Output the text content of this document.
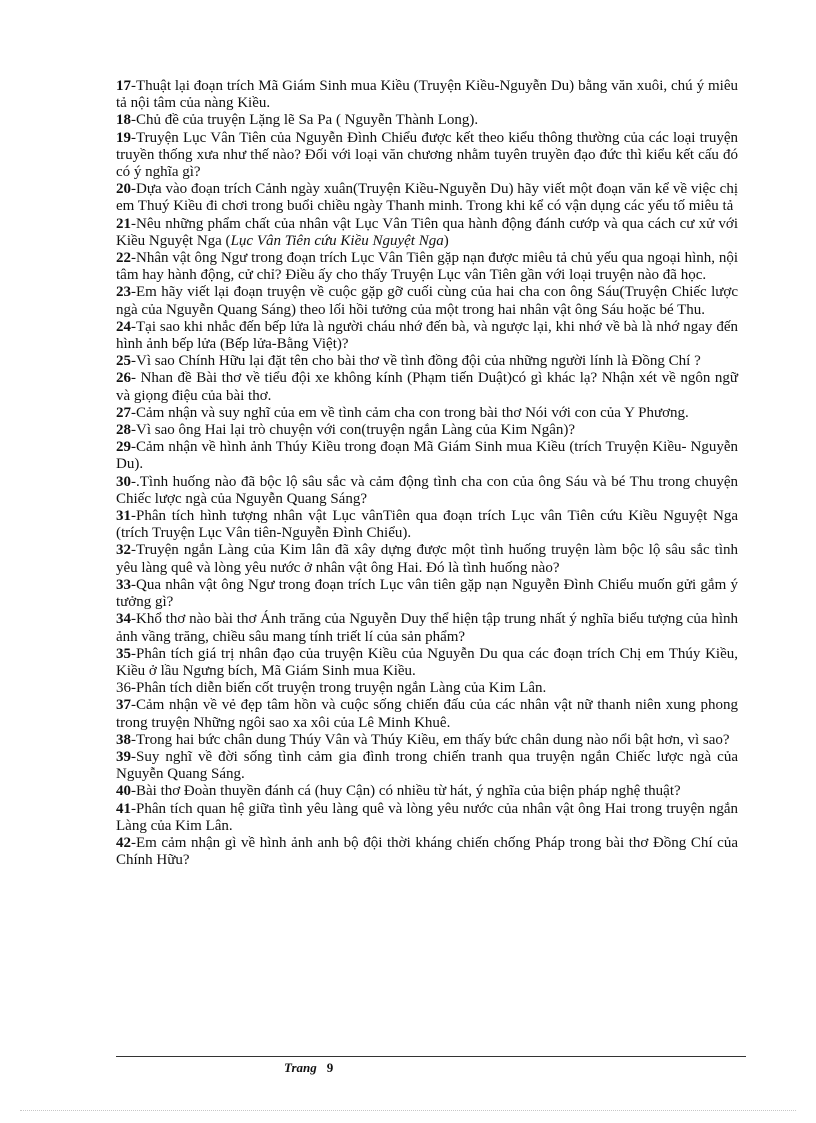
17-Thuật lại đoạn trích Mã Giám Sinh mua Kiều (Truyện Kiều-Nguyễn Du) bằng văn xuôi, chú ý miêu tả nội tâm của nàng Kiều.

18-Chủ đề của truyện Lặng lẽ Sa Pa ( Nguyễn Thành Long).

19-Truyện Lục Vân Tiên của Nguyễn Đình Chiểu được kết theo kiểu thông thường của các loại truyện truyền thống xưa như thế nào? Đối với loại văn chương nhằm tuyên truyền đạo đức thì kiểu kết cấu đó có ý nghĩa gì?

20-Dựa vào đoạn trích Cảnh ngày xuân(Truyện Kiều-Nguyễn Du) hãy viết một đoạn văn kể về việc chị em Thuý Kiều đi chơi trong buổi chiều ngày Thanh minh. Trong khi kể có vận dụng các yếu tố miêu tả

21-Nêu những phẩm chất của nhân vật Lục Vân Tiên qua hành động đánh cướp và qua cách cư xử với Kiều Nguyệt Nga (Lục Vân Tiên cứu Kiều Nguyệt Nga)

22-Nhân vật ông Ngư trong đoạn trích Lục Vân Tiên gặp nạn được miêu tả chủ yếu qua ngoại hình, nội tâm hay hành động, cử chỉ? Điều ấy cho thấy Truyện Lục vân Tiên gần với loại truyện nào đã học.

23-Em hãy viết lại đoạn truyện về cuộc gặp gỡ cuối cùng của hai cha con ông Sáu(Truyện Chiếc lược ngà của Nguyễn Quang Sáng) theo lối hồi tưởng của một trong hai nhân vật ông Sáu hoặc bé Thu.

24-Tại sao khi nhắc đến bếp lửa là người cháu nhớ đến bà, và ngược lại, khi nhớ về bà là nhớ ngay đến hình ảnh bếp lửa (Bếp lửa-Bằng Việt)?

25-Vì sao Chính Hữu lại đặt tên cho bài thơ về tình đồng đội của những người lính là Đồng Chí ?

26- Nhan đề Bài thơ về tiểu đội xe không kính (Phạm tiến Duật)có gì khác lạ? Nhận xét về ngôn ngữ và giọng điệu của bài thơ.

27-Cảm nhận và suy nghĩ của em về tình cảm cha con trong bài thơ Nói với con của Y Phương.

28-Vì sao ông Hai lại trò chuyện với con(truyện ngắn Làng của Kim Ngân)?

29-Cảm nhận về hình ảnh Thúy Kiều trong đoạn Mã Giám Sinh mua Kiều (trích Truyện Kiều- Nguyễn Du).

30-.Tình huống nào đã bộc lộ sâu sắc và cảm động tình cha con của ông Sáu và bé Thu trong chuyện Chiếc lược ngà của Nguyễn Quang Sáng?

31-Phân tích hình tượng nhân vật Lục vânTiên qua đoạn trích Lục vân Tiên cứu Kiều Nguyệt Nga (trích Truyện Lục Vân tiên-Nguyễn Đình Chiểu).

32-Truyện ngắn Làng của Kim lân đã xây dựng được một tình huống truyện làm bộc lộ sâu sắc tình yêu làng quê và lòng yêu nước ở nhân vật ông Hai. Đó là tình huống nào?

33-Qua nhân vật ông Ngư trong đoạn trích Lục vân tiên gặp nạn Nguyễn Đình Chiểu muốn gửi gắm ý tưởng gì?

34-Khổ thơ nào bài thơ Ánh trăng của Nguyễn Duy thể hiện tập trung nhất ý nghĩa biểu tượng của hình ảnh vầng trăng, chiều sâu mang tính triết lí của sản phẩm?

35-Phân tích giá trị nhân đạo của truyện Kiều của Nguyễn Du qua các đoạn trích Chị em Thúy Kiều, Kiều ở lầu Ngưng bích, Mã Giám Sinh mua Kiều.

36-Phân tích diễn biến cốt truyện trong truyện ngắn Làng của Kim Lân.

37-Cảm nhận về vẻ đẹp tâm hồn và cuộc sống chiến đấu của các nhân vật nữ thanh niên xung phong trong truyện Những ngôi sao xa xôi của Lê Minh Khuê.

38-Trong hai bức chân dung Thúy Vân và Thúy Kiều, em thấy bức chân dung nào nổi bật hơn, vì sao?

39-Suy nghĩ về đời sống tình cảm gia đình trong chiến tranh qua truyện ngắn Chiếc lược ngà của Nguyễn Quang Sáng.

40-Bài thơ Đoàn thuyền đánh cá (huy Cận) có nhiều từ hát, ý nghĩa của biện pháp nghệ thuật?

41-Phân tích quan hệ giữa tình yêu làng quê và lòng yêu nước của nhân vật ông Hai trong truyện ngắn Làng của Kim Lân.

42-Em cảm nhận gì về hình ảnh anh bộ đội thời kháng chiến chống Pháp trong bài thơ Đồng Chí của Chính Hữu?

Trang 9
